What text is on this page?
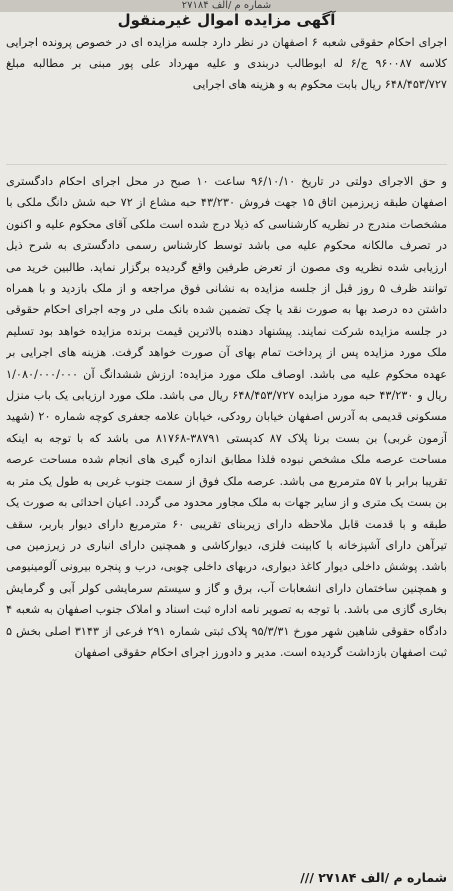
شماره م /الف ۲۷۱۸۴
آگهی مزایده اموال غیرمنقول

اجرای احکام حقوقی شعبه ۶ اصفهان در نظر دارد جلسه مزایده ای در خصوص پرونده اجرایی کلاسه ۹۶۰۰۸۷ ج/۶ له ابوطالب دربندی و علیه مهرداد علی پور مبنی بر مطالبه مبلغ ۶۴۸/۴۵۳/۷۲۷ ریال بابت محکوم به و هزینه های اجرایی

و حق الاجرای دولتی در تاریخ ۹۶/۱۰/۱۰ ساعت ۱۰ صبح در محل اجرای احکام دادگستری اصفهان طبقه زیرزمین اتاق ۱۵ جهت فروش ۴۳/۲۳۰ حبه مشاع از ۷۲ حبه شش دانگ ملکی با مشخصات مندرج در نظریه کارشناسی که ذیلا درج شده است ملکی آقای محکوم علیه و اکنون در تصرف مالکانه محکوم علیه می باشد توسط کارشناس رسمی دادگستری به شرح ذیل ارزیابی شده نظریه وی مصون از تعرض طرفین واقع گردیده برگزار نماید. طالبین خرید می توانند ظرف ۵ روز قبل از جلسه مزایده به نشانی فوق مراجعه و از ملک بازدید و با همراه داشتن ده درصد بها به صورت نقد یا چک تضمین شده بانک ملی در وجه اجرای احکام حقوقی در جلسه مزایده شرکت نمایند. پیشنهاد دهنده بالاترین قیمت برنده مزایده خواهد بود تسلیم ملک مورد مزایده پس از پرداخت تمام بهای آن صورت خواهد گرفت. هزینه های اجرایی بر عهده محکوم علیه می باشد. اوصاف ملک مورد مزایده: ارزش ششدانگ آن ۱/۰۸۰/۰۰۰/۰۰۰ ریال و ۴۳/۲۳۰ حبه مورد مزایده ۶۴۸/۴۵۳/۷۲۷ ریال می باشد. ملک مورد ارزیابی یک باب منزل مسکونی قدیمی به آدرس اصفهان خیابان رودکی، خیابان علامه جعفری کوچه شماره ۲۰ (شهید آزمون غربی) بن بست برنا پلاک ۸۷ کدپستی ۳۸۷۹۱-۸۱۷۶۸ می باشد که با توجه به اینکه مساحت عرصه ملک مشخص نبوده فلذا مطابق اندازه گیری های انجام شده مساحت عرصه تقریبا برابر با ۵۷ مترمربع می باشد. عرصه ملک فوق از سمت جنوب غربی به طول یک متر به بن بست یک متری و از سایر جهات به ملک مجاور محدود می گردد. اعیان احداثی به صورت یک طبقه و با قدمت قابل ملاحظه دارای زیربنای تقریبی ۶۰ مترمربع دارای دیوار باربر، سقف تیرآهن دارای آشپزخانه با کابینت فلزی، دیوارکاشی و همچنین دارای انباری در زیرزمین می باشد. پوشش داخلی دیوار کاغذ دیواری، دربهای داخلی چوبی، درب و پنجره بیرونی آلومینیومی و همچنین ساختمان دارای انشعابات آب، برق و گاز و سیستم سرمایشی کولر آبی و گرمایش بخاری گازی می باشد. با توجه به تصویر نامه اداره ثبت اسناد و املاک جنوب اصفهان به شعبه ۴ دادگاه حقوقی شاهین شهر مورخ ۹۵/۳/۳۱ پلاک ثبتی شماره ۲۹۱ فرعی از ۳۱۴۳ اصلی بخش ۵ ثبت اصفهان بازداشت گردیده است. مدیر و دادورز اجرای احکام حقوقی اصفهان

شماره م /الف ۲۷۱۸۴ ///
